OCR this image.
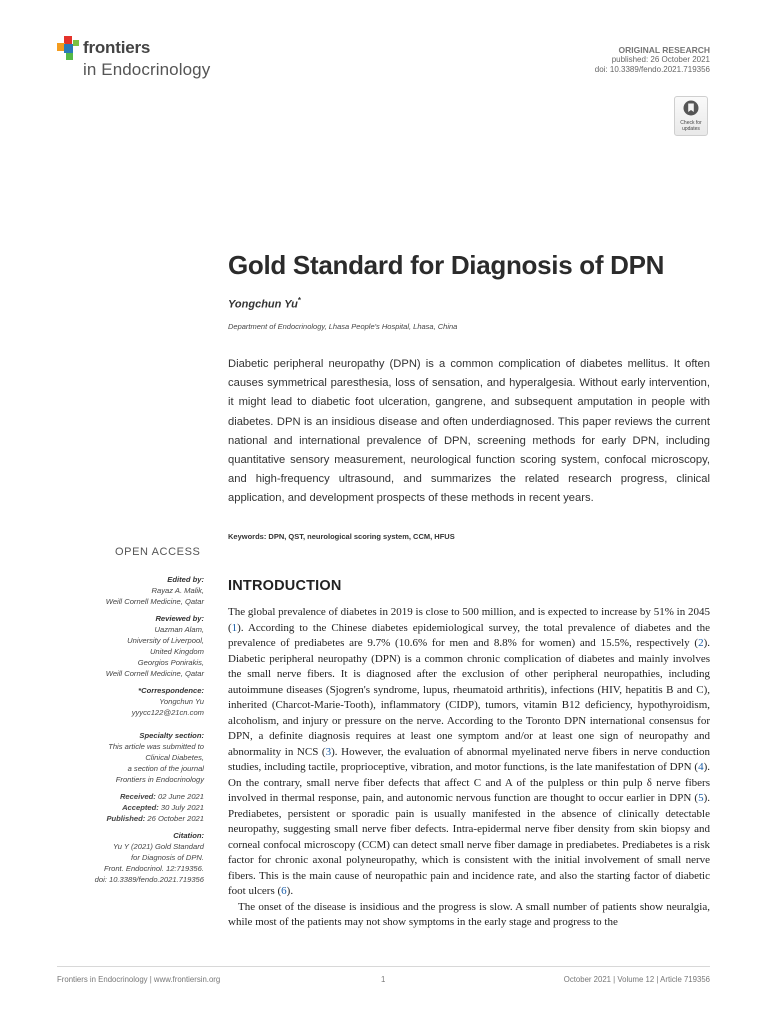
frontiers
in Endocrinology
ORIGINAL RESEARCH
published: 26 October 2021
doi: 10.3389/fendo.2021.719356
Check for
updates
Gold Standard for Diagnosis of DPN
Yongchun Yu*
Department of Endocrinology, Lhasa People's Hospital, Lhasa, China
Diabetic peripheral neuropathy (DPN) is a common complication of diabetes mellitus. It often causes symmetrical paresthesia, loss of sensation, and hyperalgesia. Without early intervention, it might lead to diabetic foot ulceration, gangrene, and subsequent amputation in people with diabetes. DPN is an insidious disease and often underdiagnosed. This paper reviews the current national and international prevalence of DPN, screening methods for early DPN, including quantitative sensory measurement, neurological function scoring system, confocal microscopy, and high-frequency ultrasound, and summarizes the related research progress, clinical application, and development prospects of these methods in recent years.
Keywords: DPN, QST, neurological scoring system, CCM, HFUS
OPEN ACCESS
Edited by:
Rayaz A. Malik,
Weill Cornell Medicine, Qatar
Reviewed by:
Uazman Alam,
University of Liverpool,
United Kingdom
Georgios Ponirakis,
Weill Cornell Medicine, Qatar
*Correspondence:
Yongchun Yu
yyycc122@21cn.com
Specialty section:
This article was submitted to
Clinical Diabetes,
a section of the journal
Frontiers in Endocrinology
Received: 02 June 2021
Accepted: 30 July 2021
Published: 26 October 2021
Citation:
Yu Y (2021) Gold Standard
for Diagnosis of DPN.
Front. Endocrinol. 12:719356.
doi: 10.3389/fendo.2021.719356
INTRODUCTION

The global prevalence of diabetes in 2019 is close to 500 million, and is expected to increase by 51% in 2045 (1). According to the Chinese diabetes epidemiological survey, the total prevalence of diabetes and the prevalence of prediabetes are 9.7% (10.6% for men and 8.8% for women) and 15.5%, respectively (2). Diabetic peripheral neuropathy (DPN) is a common chronic complication of diabetes and mainly involves the small nerve fibers. It is diagnosed after the exclusion of other peripheral neuropathies, including autoimmune diseases (Sjogren's syndrome, lupus, rheumatoid arthritis), infections (HIV, hepatitis B and C), inherited (Charcot-Marie-Tooth), inflammatory (CIDP), tumors, vitamin B12 deficiency, hypothyroidism, alcoholism, and injury or pressure on the nerve. According to the Toronto DPN international consensus for DPN, a definite diagnosis requires at least one symptom and/or at least one sign of neuropathy and abnormality in NCS (3). However, the evaluation of abnormal myelinated nerve fibers in nerve conduction studies, including tactile, proprioceptive, vibration, and motor functions, is the late manifestation of DPN (4). On the contrary, small nerve fiber defects that affect C and A of the pulpless or thin pulp δ nerve fibers involved in thermal response, pain, and autonomic nervous function are thought to occur earlier in DPN (5). Prediabetes, persistent or sporadic pain is usually manifested in the absence of clinically detectable neuropathy, suggesting small nerve fiber defects. Intra-epidermal nerve fiber density from skin biopsy and corneal confocal microscopy (CCM) can detect small nerve fiber damage in prediabetes. Prediabetes is a risk factor for chronic axonal polyneuropathy, which is consistent with the initial involvement of small nerve fibers. This is the main cause of neuropathic pain and incidence rate, and also the starting factor of diabetic foot ulcers (6).

The onset of the disease is insidious and the progress is slow. A small number of patients show neuralgia, while most of the patients may not show symptoms in the early stage and progress to the

Frontiers in Endocrinology | www.frontiersin.org	1	October 2021 | Volume 12 | Article 719356
